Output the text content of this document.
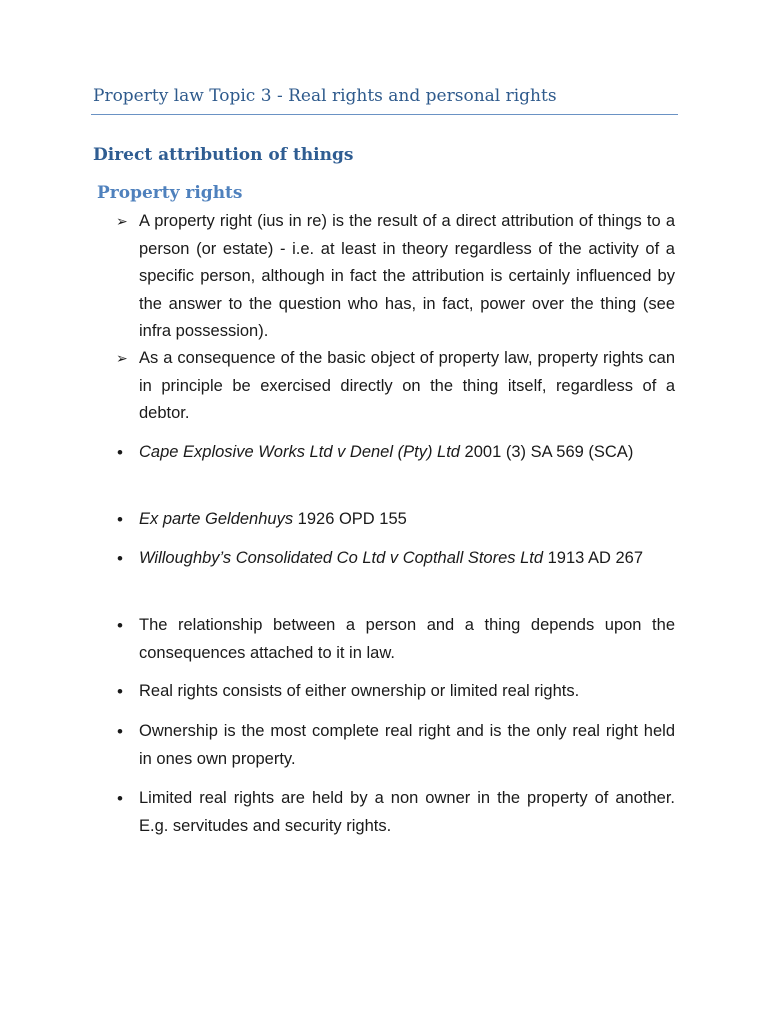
Property law Topic 3 - Real rights and personal rights
Direct attribution of things
Property rights
➢ A property right (ius in re) is the result of a direct attribution of things to a person (or estate) - i.e. at least in theory regardless of the activity of a specific person, although in fact the attribution is certainly influenced by the answer to the question who has, in fact, power over the thing (see infra possession).
➢ As a consequence of the basic object of property law, property rights can in principle be exercised directly on the thing itself, regardless of a debtor.
• Cape Explosive Works Ltd v Denel (Pty) Ltd 2001 (3) SA 569 (SCA)
• Ex parte Geldenhuys 1926 OPD 155
• Willoughby’s Consolidated Co Ltd v Copthall Stores Ltd 1913 AD 267
• The relationship between a person and a thing depends upon the consequences attached to it in law.
• Real rights consists of either ownership or limited real rights.
• Ownership is the most complete real right and is the only real right held in ones own property.
• Limited real rights are held by a non owner in the property of another. E.g. servitudes and security rights.
